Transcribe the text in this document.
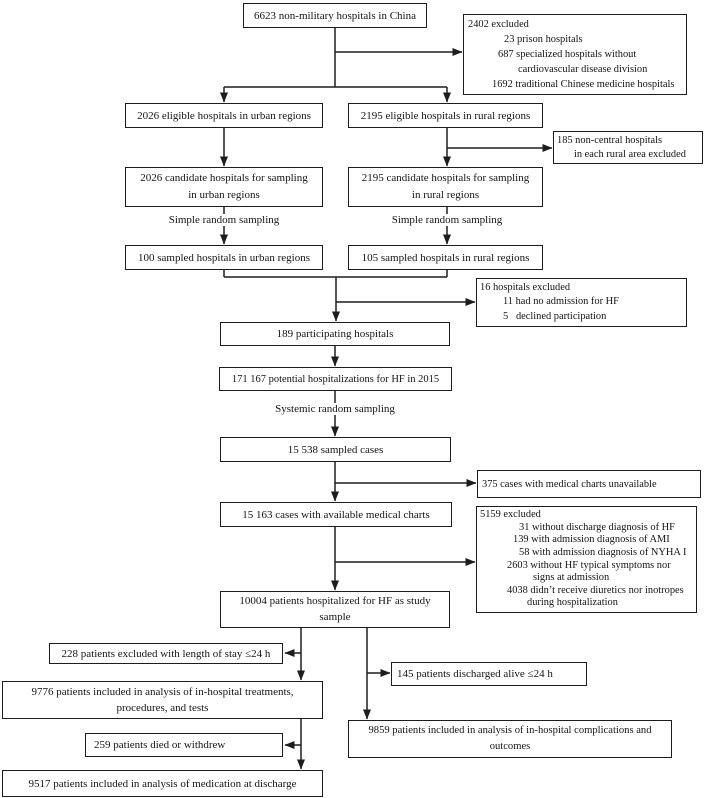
6623 non-military hospitals in China
2402 excluded
23 prison hospitals
687 specialized hospitals without
cardiovascular disease division
1692 traditional Chinese medicine hospitals
2026 eligible hospitals in urban regions	2195 eligible hospitals in rural regions
185 non-central hospitals
in each rural area excluded
2026 candidate hospitals for sampling
in urban regions
2195 candidate hospitals for sampling
in rural regions
100 sampled hospitals in urban regions	105 sampled hospitals in rural regions
16 hospitals excluded
11 had no admission for HF
5   declined participation
189 participating hospitals
171 167 potential hospitalizations for HF in 2015
15 538 sampled cases
375 cases with medical charts unavailable
15 163 cases with available medical charts	5159 excluded
31 without discharge diagnosis of HF
139 with admission diagnosis of AMI
58 with admission diagnosis of NYHA I
2603 without HF typical symptoms nor
signs at admission
4038 didn’t receive diuretics nor inotropes
during hospitalization
10004 patients hospitalized for HF as study
sample
228 patients excluded with length of stay ≤24 h
9776 patients included in analysis of in-hospital treatments,
procedures, and tests
145 patients discharged alive ≤24 h
9859 patients included in analysis of in-hospital complications and
outcomes
259 patients died or withdrew
9517 patients included in analysis of medication at discharge
Simple random sampling	Simple random sampling
Systemic random sampling
